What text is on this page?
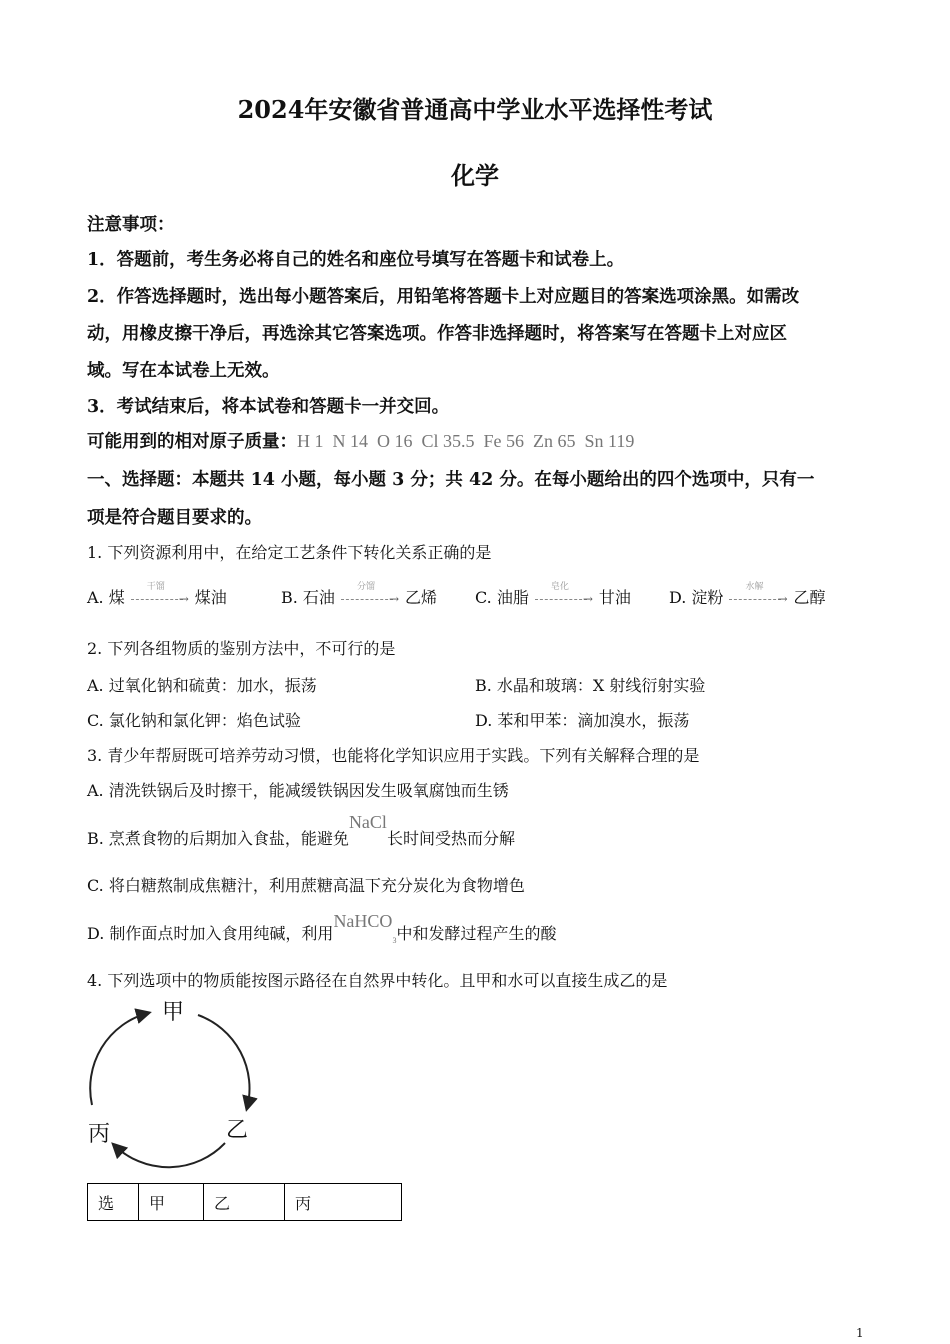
2024年安徽省普通高中学业水平选择性考试
化学
注意事项：
1．答题前，考生务必将自己的姓名和座位号填写在答题卡和试卷上。
2．作答选择题时，选出每小题答案后，用铅笔将答题卡上对应题目的答案选项涂黑。如需改
动，用橡皮擦干净后，再选涂其它答案选项。作答非选择题时，将答案写在答题卡上对应区
域。写在本试卷上无效。
3．考试结束后，将本试卷和答题卡一并交回。
可能用到的相对原子质量：H 1  N 14  O 16  Cl 35.5  Fe 56  Zn 65  Sn 119
一、选择题：本题共 14 小题，每小题 3 分；共 42 分。在每小题给出的四个选项中，只有一
项是符合题目要求的。
1. 下列资源利用中，在给定工艺条件下转化关系正确的是
A. 煤
干馏
→ 煤油	B. 石油
分馏
→ 乙烯 C. 油脂
皂化
→ 甘油 D. 淀粉
水解
→ 乙醇
2. 下列各组物质的鉴别方法中，不可行的是
A. 过氧化钠和硫黄：加水，振荡	B. 水晶和玻璃：X 射线衍射实验
C. 氯化钠和氯化钾：焰色试验	D. 苯和甲苯：滴加溴水，振荡
3. 青少年帮厨既可培养劳动习惯，也能将化学知识应用于实践。下列有关解释合理的是
A. 清洗铁锅后及时擦干，能减缓铁锅因发生吸氧腐蚀而生锈
B. 烹煮食物的后期加入食盐，能避免NaCl长时间受热而分解
C. 将白糖熬制成焦糖汁，利用蔗糖高温下充分炭化为食物增色
D. 制作面点时加入食用纯碱，利用NaHCO$_3$中和发酵过程产生的酸
4. 下列选项中的物质能按图示路径在自然界中转化。且甲和水可以直接生成乙的是
甲
乙
丙
选	甲	乙	丙
1
